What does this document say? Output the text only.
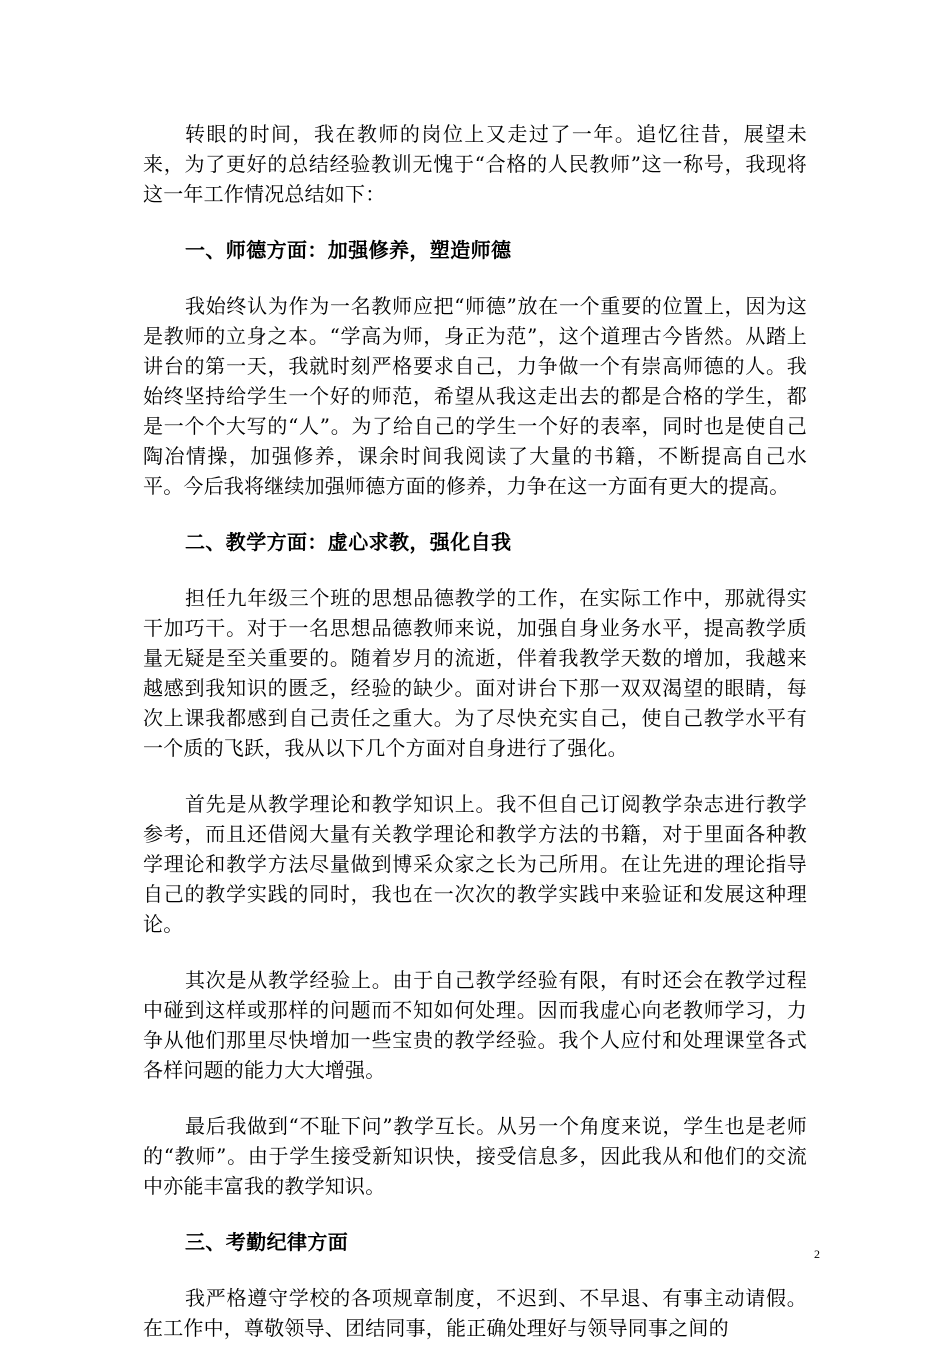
转眼的时间，我在教师的岗位上又走过了一年。追忆往昔，展望未来，为了更好的总结经验教训无愧于“合格的人民教师”这一称号，我现将这一年工作情况总结如下：

一、师德方面：加强修养，塑造师德

我始终认为作为一名教师应把“师德”放在一个重要的位置上，因为这是教师的立身之本。“学高为师，身正为范”，这个道理古今皆然。从踏上讲台的第一天，我就时刻严格要求自己，力争做一个有崇高师德的人。我始终坚持给学生一个好的师范，希望从我这走出去的都是合格的学生，都是一个个大写的“人”。为了给自己的学生一个好的表率，同时也是使自己陶冶情操，加强修养，课余时间我阅读了大量的书籍，不断提高自己水平。今后我将继续加强师德方面的修养，力争在这一方面有更大的提高。

二、教学方面：虚心求教，强化自我

担任九年级三个班的思想品德教学的工作，在实际工作中，那就得实干加巧干。对于一名思想品德教师来说，加强自身业务水平，提高教学质量无疑是至关重要的。随着岁月的流逝，伴着我教学天数的增加，我越来越感到我知识的匮乏，经验的缺少。面对讲台下那一双双渴望的眼睛，每次上课我都感到自己责任之重大。为了尽快充实自己，使自己教学水平有一个质的飞跃，我从以下几个方面对自身进行了强化。

首先是从教学理论和教学知识上。我不但自己订阅教学杂志进行教学参考，而且还借阅大量有关教学理论和教学方法的书籍，对于里面各种教学理论和教学方法尽量做到博采众家之长为己所用。在让先进的理论指导自己的教学实践的同时，我也在一次次的教学实践中来验证和发展这种理论。

其次是从教学经验上。由于自己教学经验有限，有时还会在教学过程中碰到这样或那样的问题而不知如何处理。因而我虚心向老教师学习，力争从他们那里尽快增加一些宝贵的教学经验。我个人应付和处理课堂各式各样问题的能力大大增强。

最后我做到“不耻下问”教学互长。从另一个角度来说，学生也是老师的“教师”。由于学生接受新知识快，接受信息多，因此我从和他们的交流中亦能丰富我的教学知识。

三、考勤纪律方面

我严格遵守学校的各项规章制度，不迟到、不早退、有事主动请假。在工作中，尊敬领导、团结同事，能正确处理好与领导同事之间的

2
